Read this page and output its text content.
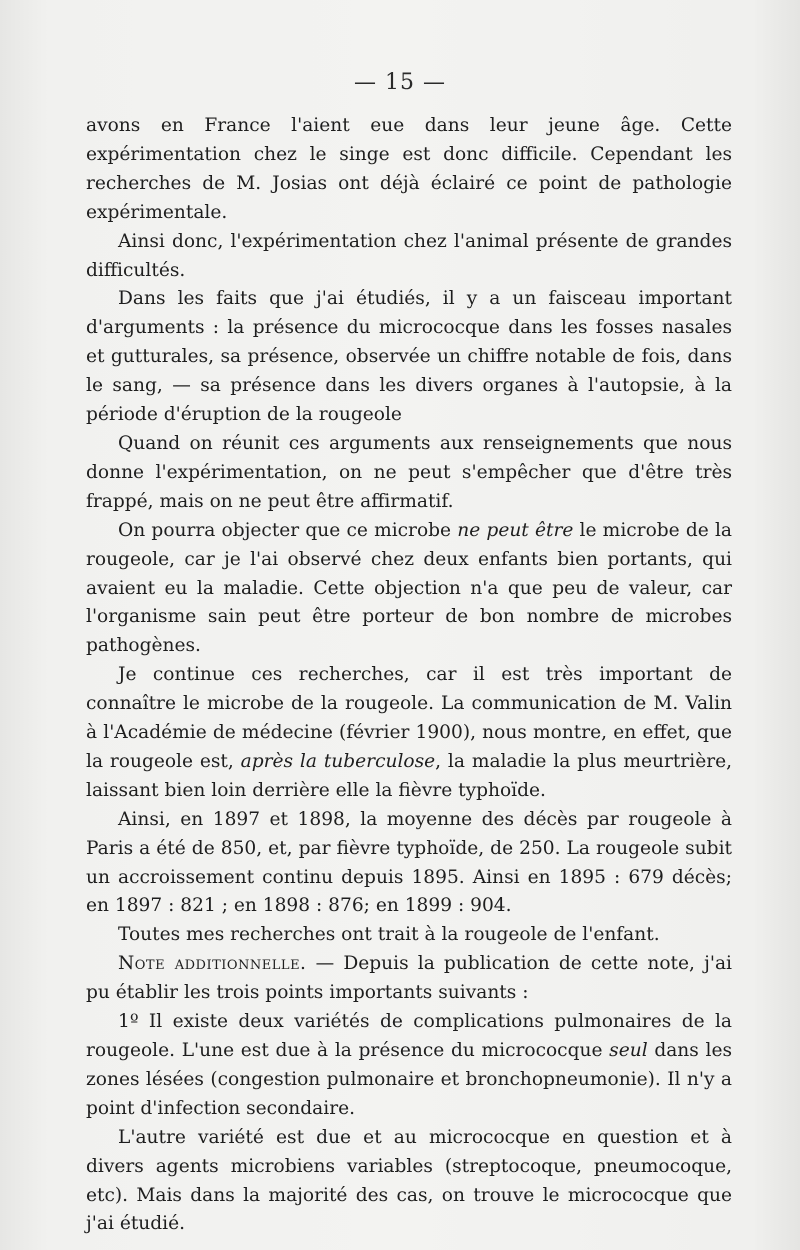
— 15 —

avons en France l'aient eue dans leur jeune âge. Cette expérimentation chez le singe est donc difficile. Cependant les recherches de M. Josias ont déjà éclairé ce point de pathologie expérimentale.

Ainsi donc, l'expérimentation chez l'animal présente de grandes difficultés.

Dans les faits que j'ai étudiés, il y a un faisceau important d'arguments : la présence du micrococque dans les fosses nasales et gutturales, sa présence, observée un chiffre notable de fois, dans le sang, — sa présence dans les divers organes à l'autopsie, à la période d'éruption de la rougeole

Quand on réunit ces arguments aux renseignements que nous donne l'expérimentation, on ne peut s'empêcher que d'être très frappé, mais on ne peut être affirmatif.

On pourra objecter que ce microbe ne peut être le microbe de la rougeole, car je l'ai observé chez deux enfants bien portants, qui avaient eu la maladie. Cette objection n'a que peu de valeur, car l'organisme sain peut être porteur de bon nombre de microbes pathogènes.

Je continue ces recherches, car il est très important de connaître le microbe de la rougeole. La communication de M. Valin à l'Académie de médecine (février 1900), nous montre, en effet, que la rougeole est, après la tuberculose, la maladie la plus meurtrière, laissant bien loin derrière elle la fièvre typhoïde.

Ainsi, en 1897 et 1898, la moyenne des décès par rougeole à Paris a été de 850, et, par fièvre typhoïde, de 250. La rougeole subit un accroissement continu depuis 1895. Ainsi en 1895 : 679 décès; en 1897 : 821 ; en 1898 : 876; en 1899 : 904.

Toutes mes recherches ont trait à la rougeole de l'enfant.

Note additionnelle. — Depuis la publication de cette note, j'ai pu établir les trois points importants suivants :

1º Il existe deux variétés de complications pulmonaires de la rougeole. L'une est due à la présence du micrococque seul dans les zones lésées (congestion pulmonaire et bronchopneumonie). Il n'y a point d'infection secondaire.

L'autre variété est due et au micrococque en question et à divers agents microbiens variables (streptocoque, pneumocoque, etc). Mais dans la majorité des cas, on trouve le micrococque que j'ai étudié.
